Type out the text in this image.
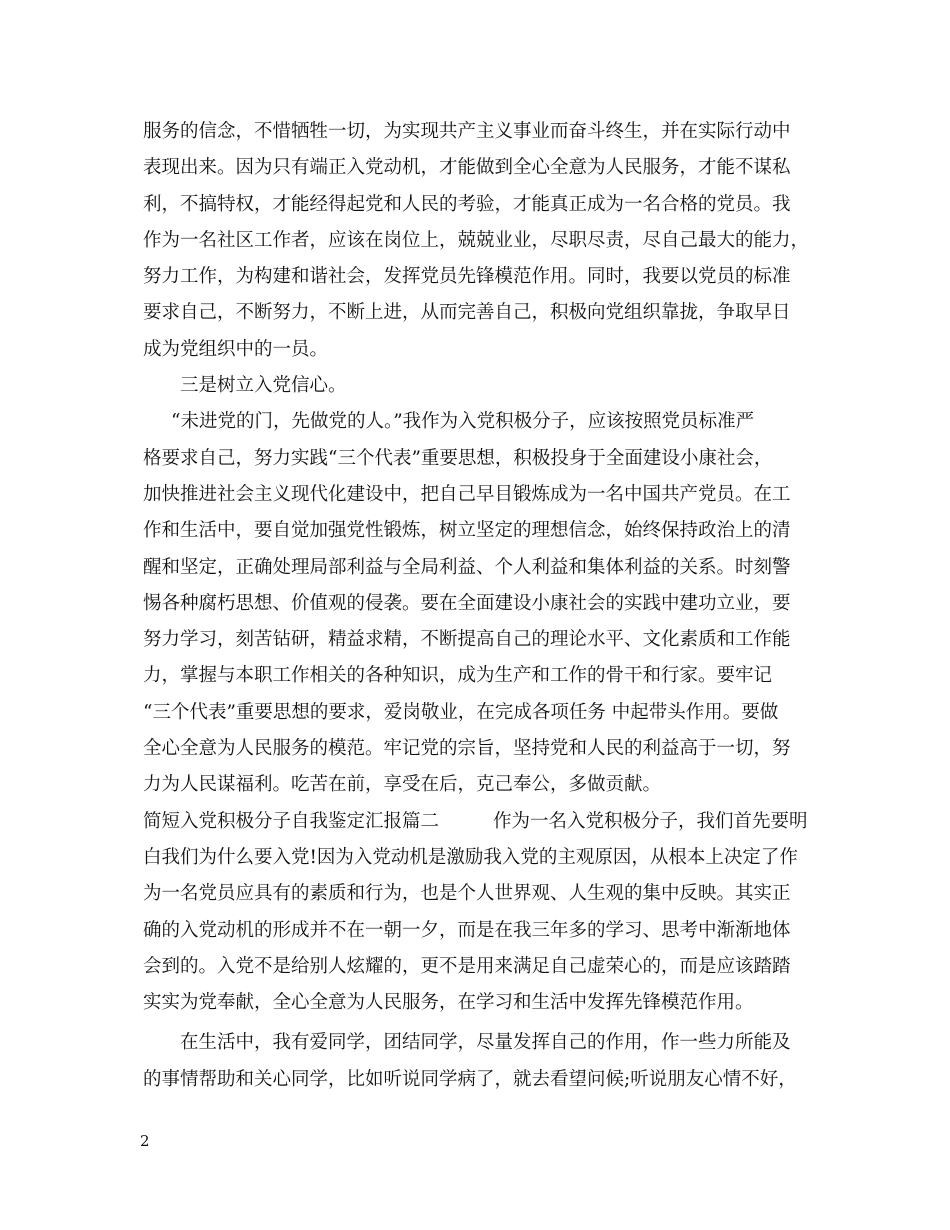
服务的信念，不惜牺牲一切，为实现共产主义事业而奋斗终生，并在实际行动中
表现出来。因为只有端正入党动机，才能做到全心全意为人民服务，才能不谋私
利，不搞特权，才能经得起党和人民的考验，才能真正成为一名合格的党员。我
作为一名社区工作者，应该在岗位上，兢兢业业，尽职尽责，尽自己最大的能力，
努力工作，为构建和谐社会，发挥党员先锋模范作用。同时，我要以党员的标准
要求自己，不断努力，不断上进，从而完善自己，积极向党组织靠拢，争取早日
成为党组织中的一员。
三是树立入党信心。
“未进党的门，先做党的人。”我作为入党积极分子，应该按照党员标准严
格要求自己，努力实践“三个代表”重要思想，积极投身于全面建设小康社会，
加快推进社会主义现代化建设中，把自己早目锻炼成为一名中国共产党员。在工
作和生活中，要自觉加强党性锻炼，树立坚定的理想信念，始终保持政治上的清
醒和坚定，正确处理局部利益与全局利益、个人利益和集体利益的关系。时刻警
惕各种腐朽思想、价值观的侵袭。要在全面建设小康社会的实践中建功立业，要
努力学习，刻苦钻研，精益求精，不断提高自己的理论水平、文化素质和工作能
力，掌握与本职工作相关的各种知识，成为生产和工作的骨干和行家。要牢记
“三个代表”重要思想的要求，爱岗敬业，在完成各项任务 中起带头作用。要做
全心全意为人民服务的模范。牢记党的宗旨，坚持党和人民的利益高于一切，努
力为人民谋福利。吃苦在前，享受在后，克己奉公，多做贡献。
简短入党积极分子自我鉴定汇报篇二	作为一名入党积极分子，我们首先要明
白我们为什么要入党!因为入党动机是激励我入党的主观原因，从根本上决定了作
为一名党员应具有的素质和行为，也是个人世界观、人生观的集中反映。其实正
确的入党动机的形成并不在一朝一夕，而是在我三年多的学习、思考中渐渐地体
会到的。入党不是给别人炫耀的，更不是用来满足自己虚荣心的，而是应该踏踏
实实为党奉献，全心全意为人民服务，在学习和生活中发挥先锋模范作用。
在生活中，我有爱同学，团结同学，尽量发挥自己的作用，作一些力所能及
的事情帮助和关心同学，比如听说同学病了，就去看望问候;听说朋友心情不好，
2
